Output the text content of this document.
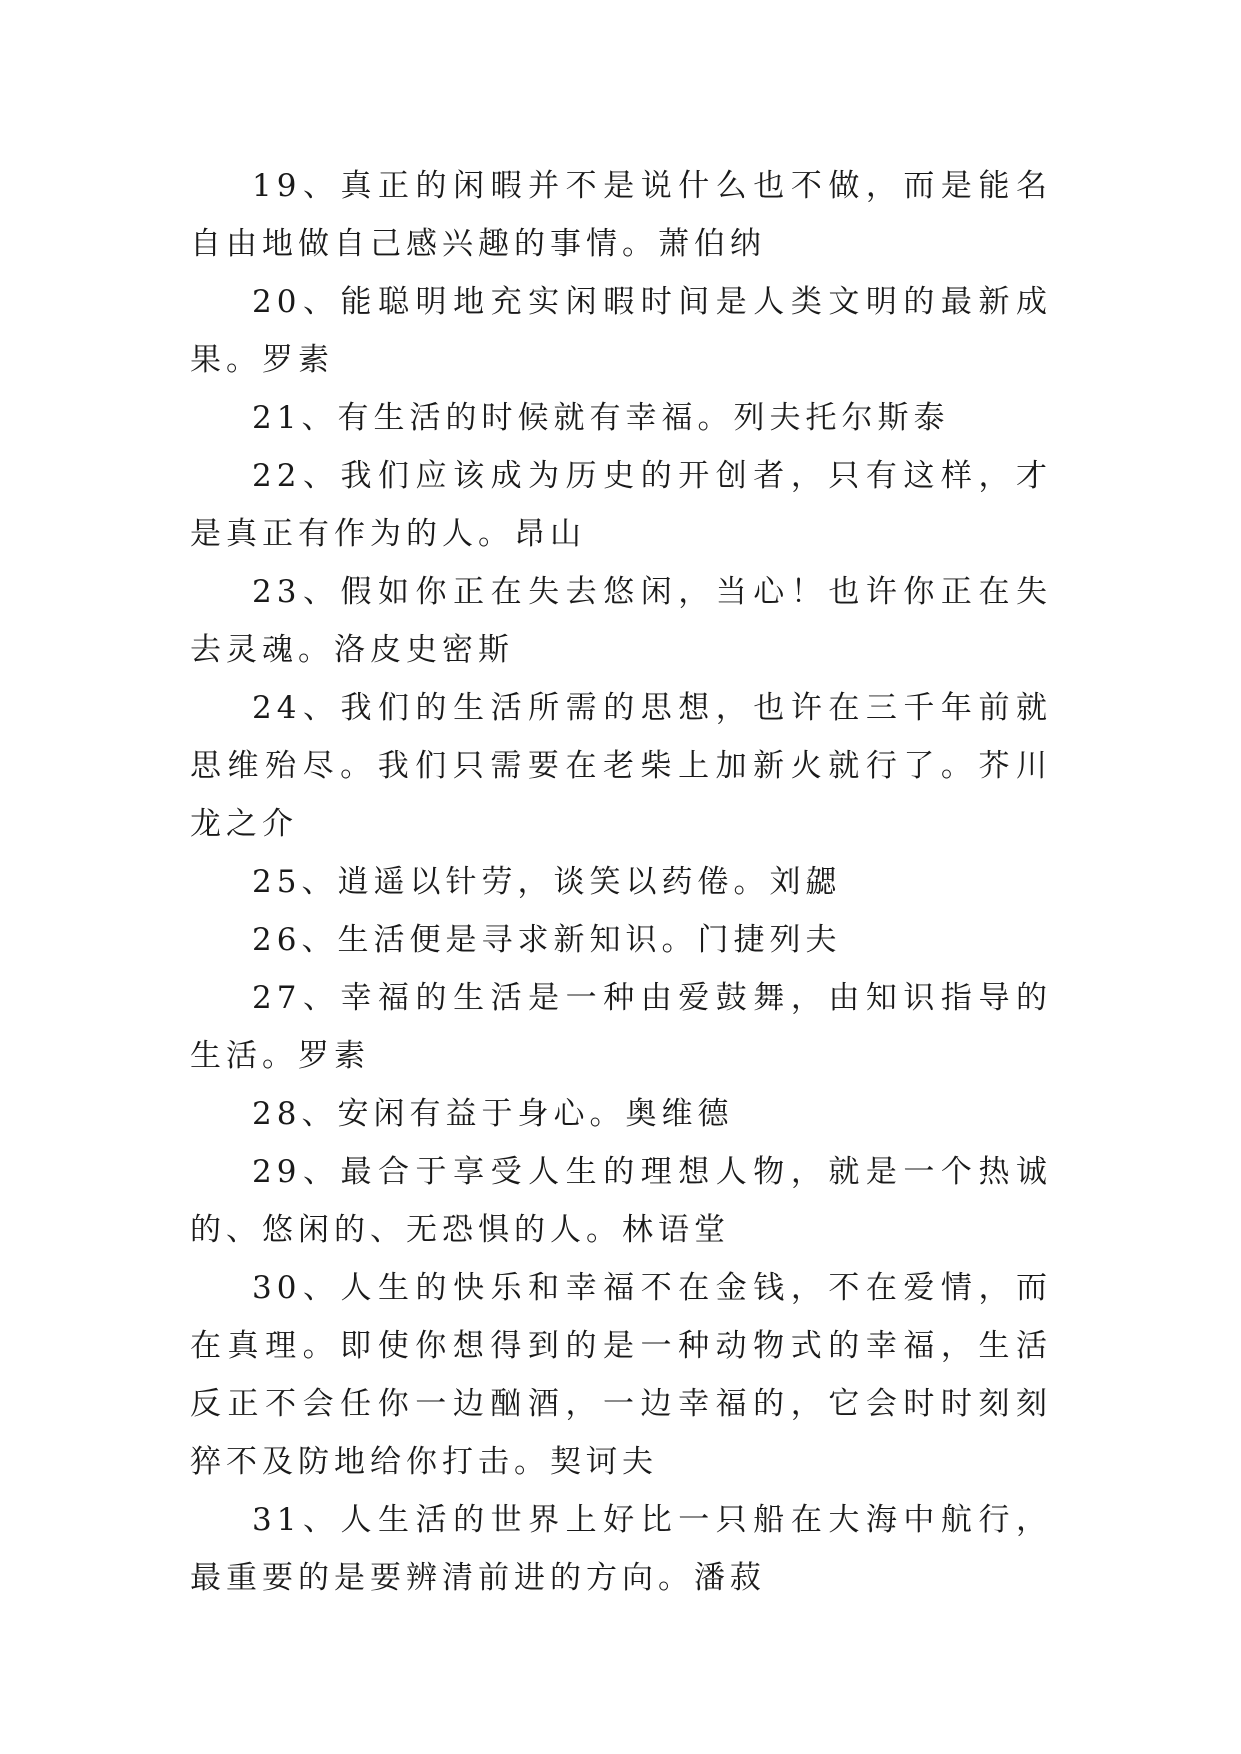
19、真正的闲暇并不是说什么也不做，而是能名自由地做自己感兴趣的事情。萧伯纳

20、能聪明地充实闲暇时间是人类文明的最新成果。罗素

21、有生活的时候就有幸福。列夫托尔斯泰

22、我们应该成为历史的开创者，只有这样，才是真正有作为的人。昂山

23、假如你正在失去悠闲，当心！也许你正在失去灵魂。洛皮史密斯

24、我们的生活所需的思想，也许在三千年前就思维殆尽。我们只需要在老柴上加新火就行了。芥川龙之介

25、逍遥以针劳，谈笑以药倦。刘勰

26、生活便是寻求新知识。门捷列夫

27、幸福的生活是一种由爱鼓舞，由知识指导的生活。罗素

28、安闲有益于身心。奥维德

29、最合于享受人生的理想人物，就是一个热诚的、悠闲的、无恐惧的人。林语堂

30、人生的快乐和幸福不在金钱，不在爱情，而在真理。即使你想得到的是一种动物式的幸福，生活反正不会任你一边酗酒，一边幸福的，它会时时刻刻猝不及防地给你打击。契诃夫

31、人生活的世界上好比一只船在大海中航行，最重要的是要辨清前进的方向。潘菽
